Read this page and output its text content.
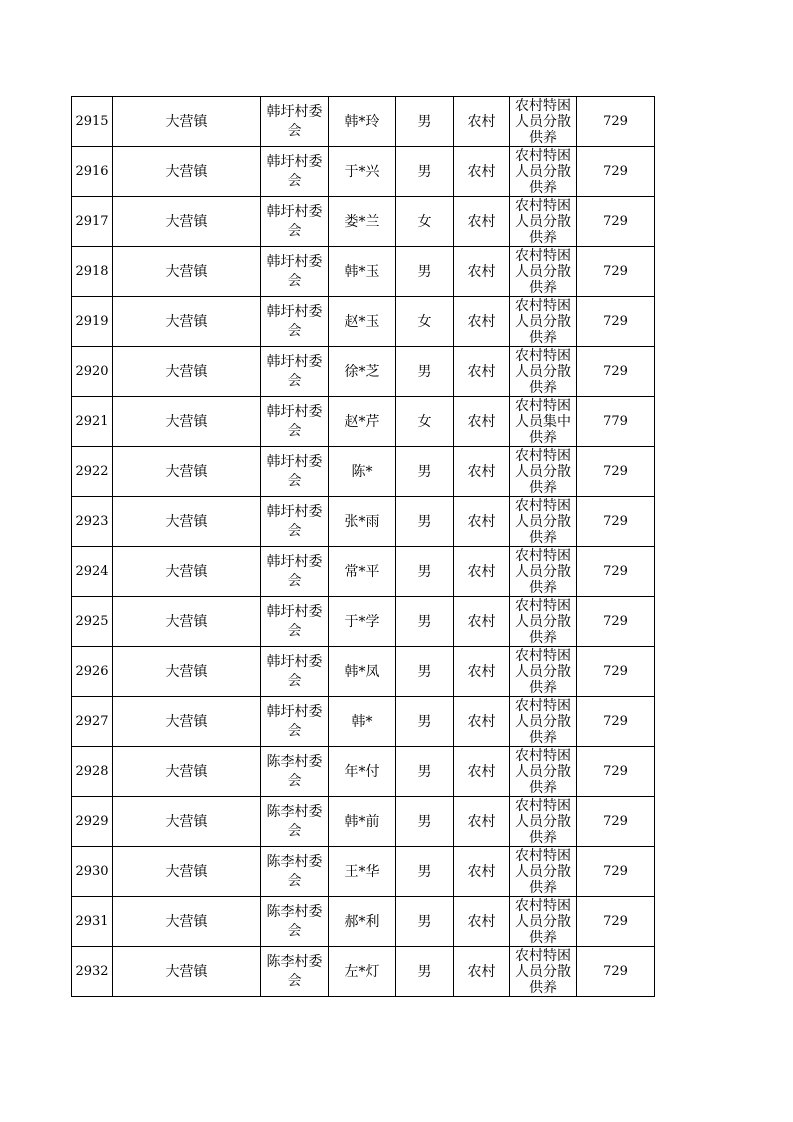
2915	大营镇	韩圩村委会	韩*玲	男	农村	农村特困人员分散供养	729
2916	大营镇	韩圩村委会	于*兴	男	农村	农村特困人员分散供养	729
2917	大营镇	韩圩村委会	娄*兰	女	农村	农村特困人员分散供养	729
2918	大营镇	韩圩村委会	韩*玉	男	农村	农村特困人员分散供养	729
2919	大营镇	韩圩村委会	赵*玉	女	农村	农村特困人员分散供养	729
2920	大营镇	韩圩村委会	徐*芝	男	农村	农村特困人员分散供养	729
2921	大营镇	韩圩村委会	赵*芹	女	农村	农村特困人员集中供养	779
2922	大营镇	韩圩村委会	陈*	男	农村	农村特困人员分散供养	729
2923	大营镇	韩圩村委会	张*雨	男	农村	农村特困人员分散供养	729
2924	大营镇	韩圩村委会	常*平	男	农村	农村特困人员分散供养	729
2925	大营镇	韩圩村委会	于*学	男	农村	农村特困人员分散供养	729
2926	大营镇	韩圩村委会	韩*凤	男	农村	农村特困人员分散供养	729
2927	大营镇	韩圩村委会	韩*	男	农村	农村特困人员分散供养	729
2928	大营镇	陈李村委会	年*付	男	农村	农村特困人员分散供养	729
2929	大营镇	陈李村委会	韩*前	男	农村	农村特困人员分散供养	729
2930	大营镇	陈李村委会	王*华	男	农村	农村特困人员分散供养	729
2931	大营镇	陈李村委会	郝*利	男	农村	农村特困人员分散供养	729
2932	大营镇	陈李村委会	左*灯	男	农村	农村特困人员分散供养	729
